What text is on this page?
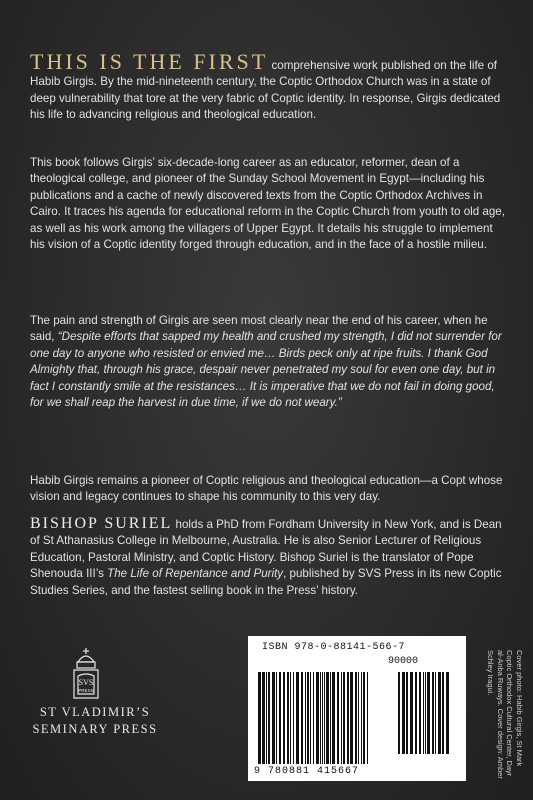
THIS IS THE FIRST comprehensive work published on the life of Habib Girgis. By the mid-nineteenth century, the Coptic Orthodox Church was in a state of deep vulnerability that tore at the very fabric of Coptic identity. In response, Girgis dedicated his life to advancing religious and theological education.

This book follows Girgis’ six-decade-long career as an educator, reformer, dean of a theological college, and pioneer of the Sunday School Movement in Egypt—including his publications and a cache of newly discovered texts from the Coptic Orthodox Archives in Cairo. It traces his agenda for educational reform in the Coptic Church from youth to old age, as well as his work among the villagers of Upper Egypt. It details his struggle to implement his vision of a Coptic identity forged through education, and in the face of a hostile milieu.

The pain and strength of Girgis are seen most clearly near the end of his career, when he said, “Despite efforts that sapped my health and crushed my strength, I did not surrender for one day to anyone who resisted or envied me… Birds peck only at ripe fruits. I thank God Almighty that, through his grace, despair never penetrated my soul for even one day, but in fact I constantly smile at the resistances… It is imperative that we do not fail in doing good, for we shall reap the harvest in due time, if we do not weary.”

Habib Girgis remains a pioneer of Coptic religious and theological education—a Copt whose vision and legacy continues to shape his community to this very day.

BISHOP SURIEL holds a PhD from Fordham University in New York, and is Dean of St Athanasius College in Melbourne, Australia. He is also Senior Lecturer of Religious Education, Pastoral Ministry, and Coptic History. Bishop Suriel is the translator of Pope Shenouda III’s The Life of Repentance and Purity, published by SVS Press in its new Coptic Studies Series, and the fastest selling book in the Press’ history.

SVS
PRESS
ST VLADIMIR’S
SEMINARY PRESS
ISBN 978-0-88141-566-7
90000
9 780881 415667
Cover photo: Habib Girgis, St Mark Coptic Orthodox Cultural Center, Dayr al-Anba Ruways. Cover design: Amber Schley Iragui.
